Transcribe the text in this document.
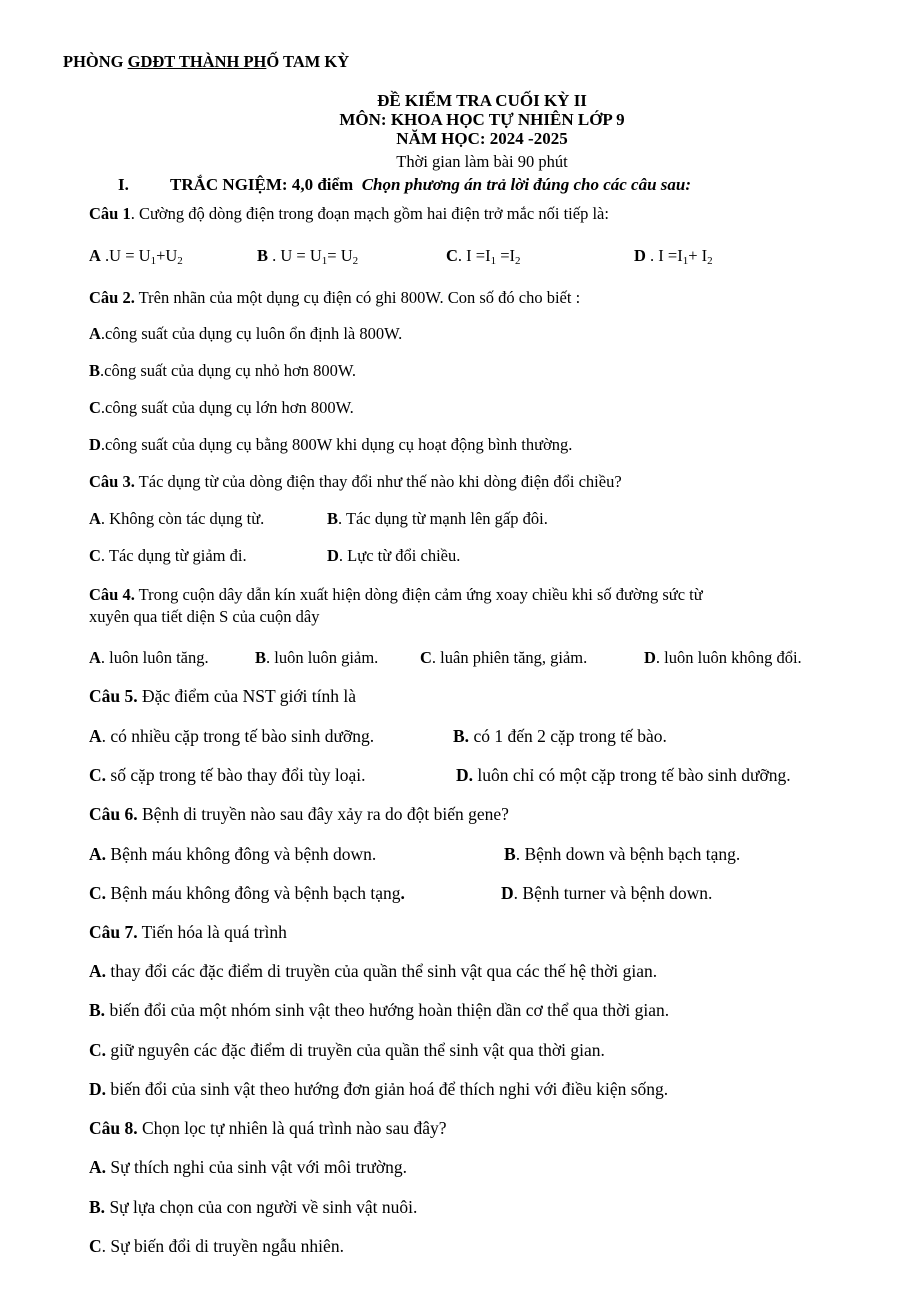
PHÒNG GDĐT THÀNH PHỐ TAM KỲ
ĐỀ KIỂM TRA CUỐI KỲ II
MÔN: KHOA HỌC TỰ NHIÊN LỚP 9
NĂM HỌC: 2024 -2025
Thời gian làm bài 90 phút
I. TRẮC NGIỆM: 4,0 điểm Chọn phương án trả lời đúng cho các câu sau:
Câu 1. Cường độ dòng điện trong đoạn mạch gồm hai điện trở mắc nối tiếp là:
A $.U = U_1+U_2$	B . $U = U_1= U_2$	C. $I =I_1 =I_2$	D . $I =I_1+ I_2$
Câu 2. Trên nhãn của một dụng cụ điện có ghi 800W. Con số đó cho biết :
A.công suất của dụng cụ luôn ổn định là 800W.
B.công suất của dụng cụ nhỏ hơn 800W.
C.công suất của dụng cụ lớn hơn 800W.
D.công suất của dụng cụ bằng 800W khi dụng cụ hoạt động bình thường.
Câu 3. Tác dụng từ của dòng điện thay đổi như thế nào khi dòng điện đổi chiều?
A. Không còn tác dụng từ.	B. Tác dụng từ mạnh lên gấp đôi.
C. Tác dụng từ giảm đi.	D. Lực từ đổi chiều.
Câu 4. Trong cuộn dây dẫn kín xuất hiện dòng điện cảm ứng xoay chiều khi số đường sức từ
xuyên qua tiết diện S của cuộn dây
A. luôn luôn tăng.	B. luôn luôn giảm.	C. luân phiên tăng, giảm.	D. luôn luôn không đổi.
Câu 5. Đặc điểm của NST giới tính là
A. có nhiều cặp trong tế bào sinh dưỡng.	B. có 1 đến 2 cặp trong tế bào.
C. số cặp trong tế bào thay đổi tùy loại.	D. luôn chỉ có một cặp trong tế bào sinh dưỡng.
Câu 6. Bệnh di truyền nào sau đây xảy ra do đột biến gene?
A. Bệnh máu không đông và bệnh down.	B. Bệnh down và bệnh bạch tạng.
C. Bệnh máu không đông và bệnh bạch tạng.	D. Bệnh turner và bệnh down.
Câu 7. Tiến hóa là quá trình
A. thay đổi các đặc điểm di truyền của quần thể sinh vật qua các thế hệ thời gian.
B. biến đổi của một nhóm sinh vật theo hướng hoàn thiện dần cơ thể qua thời gian.
C. giữ nguyên các đặc điểm di truyền của quần thể sinh vật qua thời gian.
D. biến đổi của sinh vật theo hướng đơn giản hoá để thích nghi với điều kiện sống.
Câu 8. Chọn lọc tự nhiên là quá trình nào sau đây?
A. Sự thích nghi của sinh vật với môi trường.
B. Sự lựa chọn của con người về sinh vật nuôi.
C. Sự biến đổi di truyền ngẫu nhiên.
